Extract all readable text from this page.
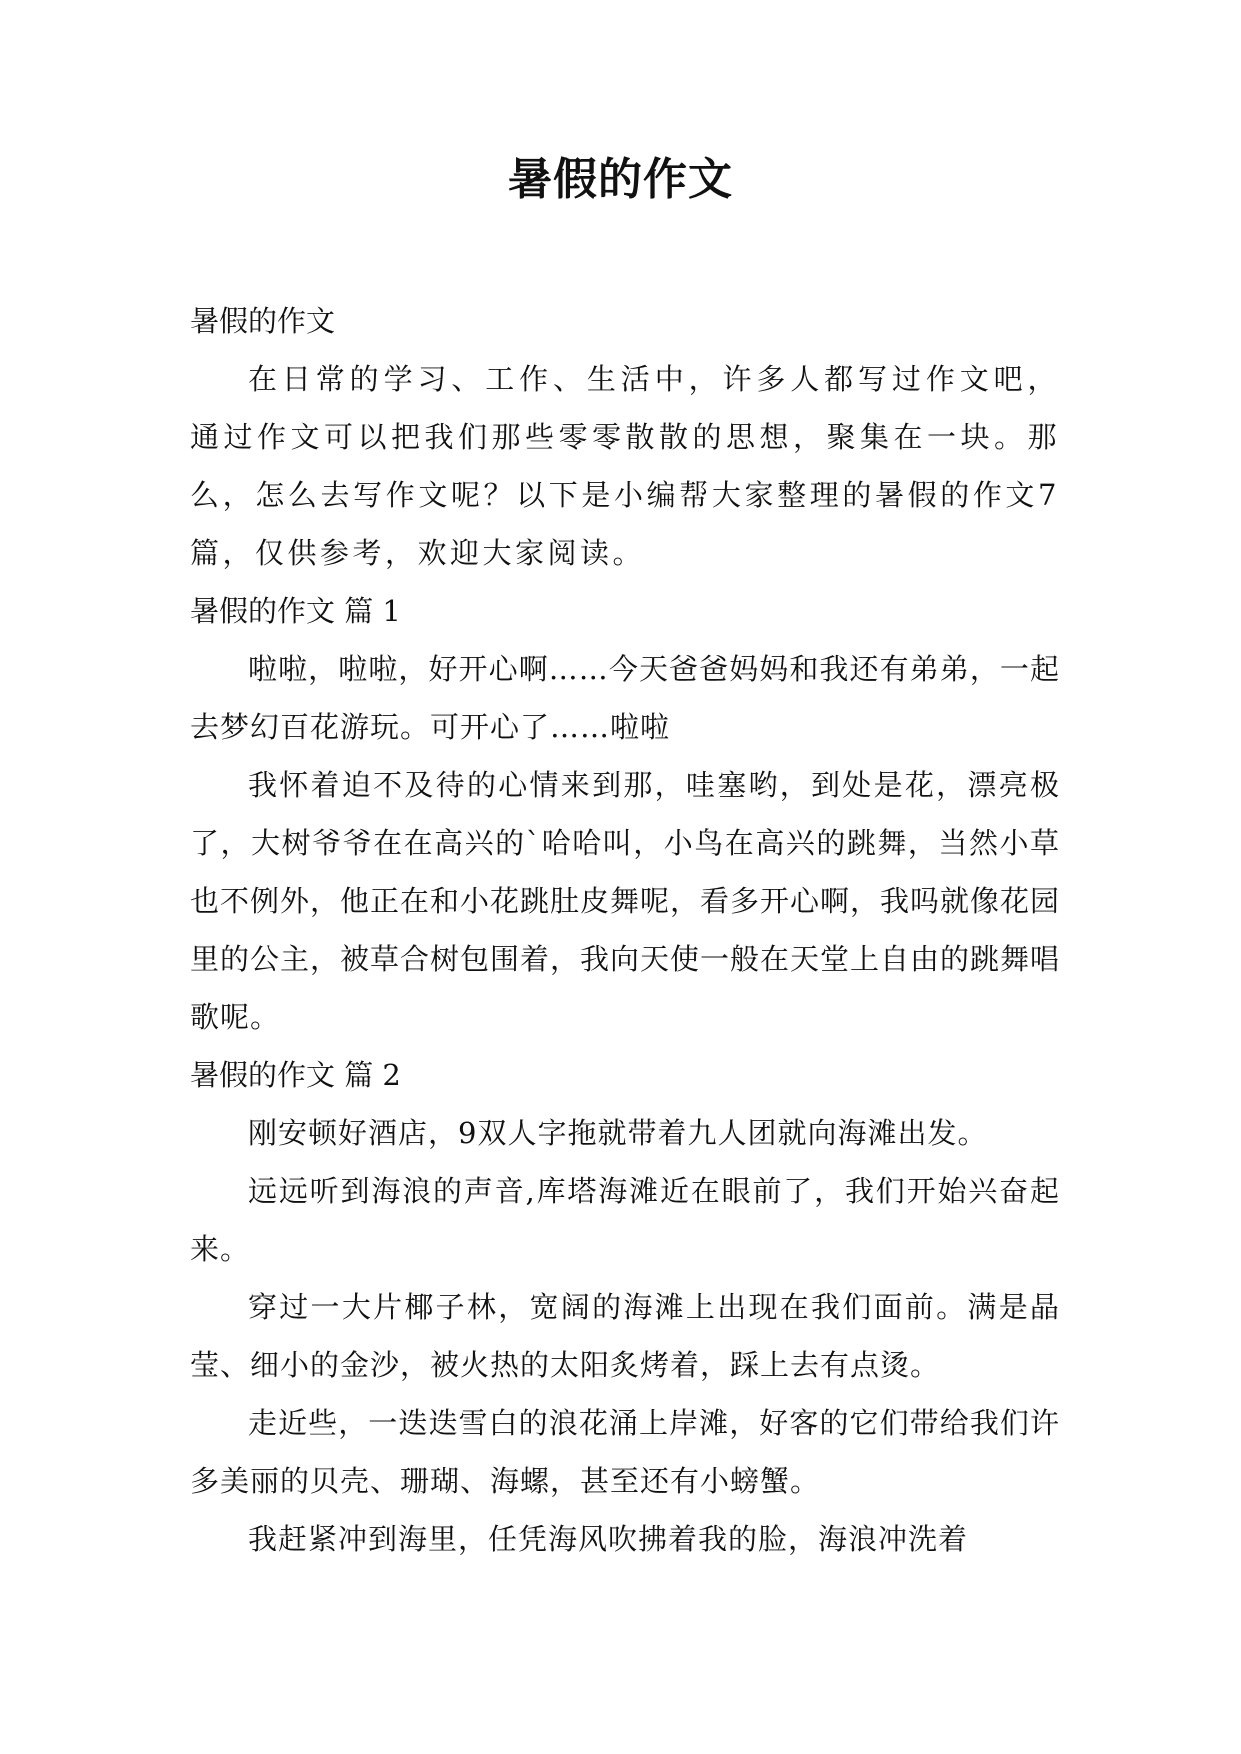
暑假的作文

暑假的作文

在日常的学习、工作、生活中，许多人都写过作文吧，通过作文可以把我们那些零零散散的思想，聚集在一块。那么，怎么去写作文呢？以下是小编帮大家整理的暑假的作文7篇，仅供参考，欢迎大家阅读。

暑假的作文 篇 1

啦啦，啦啦，好开心啊……今天爸爸妈妈和我还有弟弟，一起去梦幻百花游玩。可开心了……啦啦

我怀着迫不及待的心情来到那，哇塞哟，到处是花，漂亮极了，大树爷爷在在高兴的`哈哈叫，小鸟在高兴的跳舞，当然小草也不例外，他正在和小花跳肚皮舞呢，看多开心啊，我吗就像花园里的公主，被草合树包围着，我向天使一般在天堂上自由的跳舞唱歌呢。

暑假的作文 篇 2

刚安顿好酒店，9双人字拖就带着九人团就向海滩出发。

远远听到海浪的声音,库塔海滩近在眼前了，我们开始兴奋起来。

穿过一大片椰子林，宽阔的海滩上出现在我们面前。满是晶莹、细小的金沙，被火热的太阳炙烤着，踩上去有点烫。

走近些，一迭迭雪白的浪花涌上岸滩，好客的它们带给我们许多美丽的贝壳、珊瑚、海螺，甚至还有小螃蟹。

我赶紧冲到海里，任凭海风吹拂着我的脸，海浪冲洗着
